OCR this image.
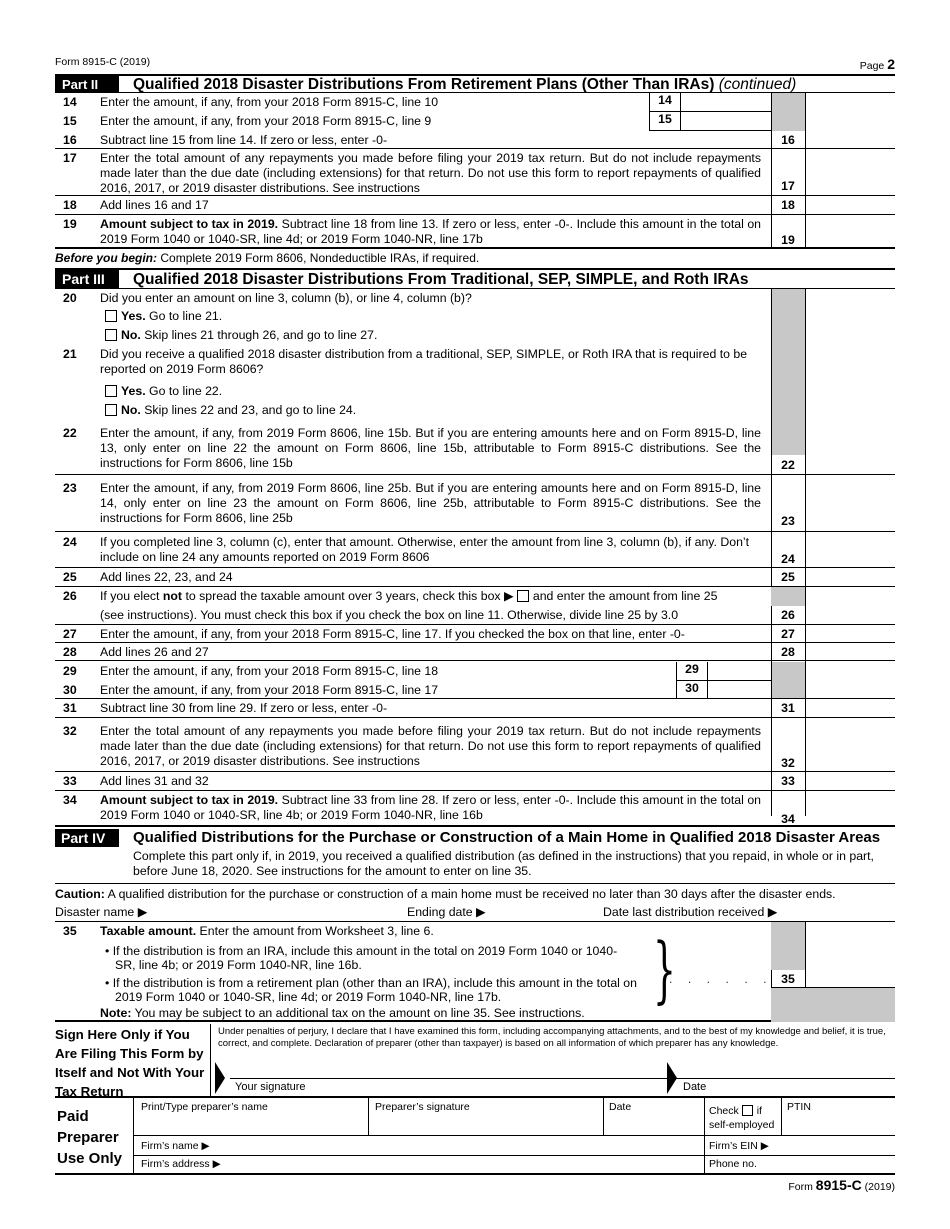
Form 8915-C (2019)	Page 2
Part II	Qualified 2018 Disaster Distributions From Retirement Plans (Other Than IRAs) (continued)
14 Enter the amount, if any, from your 2018 Form 8915-C, line 10	14
15 Enter the amount, if any, from your 2018 Form 8915-C, line 9	15
16 Subtract line 15 from line 14. If zero or less, enter -0-	16
17 Enter the total amount of any repayments you made before filing your 2019 tax return. But do not include repayments made later than the due date (including extensions) for that return. Do not use this form to report repayments of qualified 2016, 2017, or 2019 disaster distributions. See instructions	17
18 Add lines 16 and 17	18
19 Amount subject to tax in 2019. Subtract line 18 from line 13. If zero or less, enter -0-. Include this amount in the total on 2019 Form 1040 or 1040-SR, line 4d; or 2019 Form 1040-NR, line 17b	19
Before you begin: Complete 2019 Form 8606, Nondeductible IRAs, if required.
Part III	Qualified 2018 Disaster Distributions From Traditional, SEP, SIMPLE, and Roth IRAs
20 Did you enter an amount on line 3, column (b), or line 4, column (b)?
Yes. Go to line 21.
No. Skip lines 21 through 26, and go to line 27.
21 Did you receive a qualified 2018 disaster distribution from a traditional, SEP, SIMPLE, or Roth IRA that is required to be reported on 2019 Form 8606?
Yes. Go to line 22.
No. Skip lines 22 and 23, and go to line 24.
22 Enter the amount, if any, from 2019 Form 8606, line 15b. But if you are entering amounts here and on Form 8915-D, line 13, only enter on line 22 the amount on Form 8606, line 15b, attributable to Form 8915-C distributions. See the instructions for Form 8606, line 15b	22
23 Enter the amount, if any, from 2019 Form 8606, line 25b. But if you are entering amounts here and on Form 8915-D, line 14, only enter on line 23 the amount on Form 8606, line 25b, attributable to Form 8915-C distributions. See the instructions for Form 8606, line 25b	23
24 If you completed line 3, column (c), enter that amount. Otherwise, enter the amount from line 3, column (b), if any. Don’t include on line 24 any amounts reported on 2019 Form 8606	24
25 Add lines 22, 23, and 24	25
26 If you elect not to spread the taxable amount over 3 years, check this box ▶ and enter the amount from line 25
(see instructions). You must check this box if you check the box on line 11. Otherwise, divide line 25 by 3.0	26
27 Enter the amount, if any, from your 2018 Form 8915-C, line 17. If you checked the box on that line, enter -0-	27
28 Add lines 26 and 27	28
29 Enter the amount, if any, from your 2018 Form 8915-C, line 18	29
30 Enter the amount, if any, from your 2018 Form 8915-C, line 17	30
31 Subtract line 30 from line 29. If zero or less, enter -0-	31
32 Enter the total amount of any repayments you made before filing your 2019 tax return. But do not include repayments made later than the due date (including extensions) for that return. Do not use this form to report repayments of qualified 2016, 2017, or 2019 disaster distributions. See instructions	32
33 Add lines 31 and 32	33
34 Amount subject to tax in 2019. Subtract line 33 from line 28. If zero or less, enter -0-. Include this amount in the total on 2019 Form 1040 or 1040-SR, line 4b; or 2019 Form 1040-NR, line 16b	34
Part IV	Qualified Distributions for the Purchase or Construction of a Main Home in Qualified 2018 Disaster Areas
Complete this part only if, in 2019, you received a qualified distribution (as defined in the instructions) that you repaid, in whole or in part, before June 18, 2020. See instructions for the amount to enter on line 35.
Caution: A qualified distribution for the purchase or construction of a main home must be received no later than 30 days after the disaster ends.
Disaster name ▶	Ending date ▶	Date last distribution received ▶
35 Taxable amount. Enter the amount from Worksheet 3, line 6.
• If the distribution is from an IRA, include this amount in the total on 2019 Form 1040 or 1040-SR, line 4b; or 2019 Form 1040-NR, line 16b.
• If the distribution is from a retirement plan (other than an IRA), include this amount in the total on 2019 Form 1040 or 1040-SR, line 4d; or 2019 Form 1040-NR, line 17b.
Note: You may be subject to an additional tax on the amount on line 35. See instructions.
}
. . . . . . 35
Sign Here Only if You Are Filing This Form by Itself and Not With Your Tax Return
Under penalties of perjury, I declare that I have examined this form, including accompanying attachments, and to the best of my knowledge and belief, it is true, correct, and complete. Declaration of preparer (other than taxpayer) is based on all information of which preparer has any knowledge.
Your signature	Date
Paid Preparer Use Only
Print/Type preparer’s name	Preparer’s signature	Date	Check if
self-employed
PTIN
Firm’s name ▶	Firm’s EIN ▶
Firm’s address ▶	Phone no.
Form 8915-C (2019)
